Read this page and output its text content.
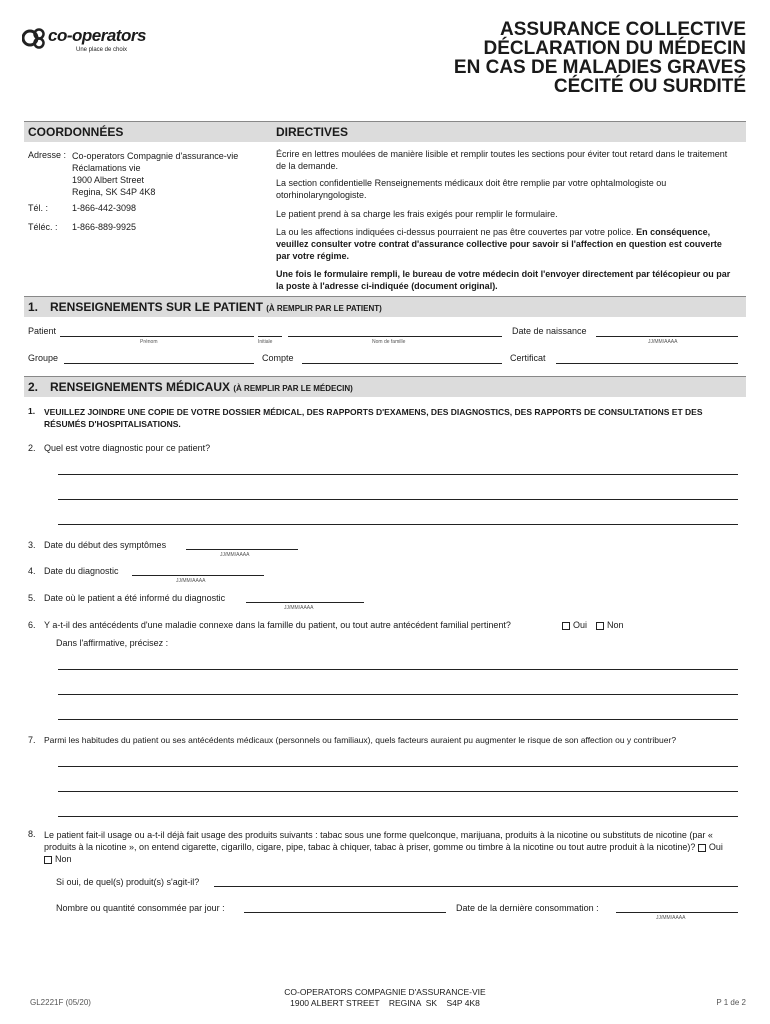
co-operators
Une place de choix
ASSURANCE COLLECTIVE
DÉCLARATION DU MÉDECIN
EN CAS DE MALADIES GRAVES
CÉCITÉ OU SURDITÉ
COORDONNÉES	DIRECTIVES
Adresse : Co-operators Compagnie d'assurance-vie
Réclamations vie
1900 Albert Street
Regina, SK S4P 4K8
Tél. :	1-866-442-3098
Téléc. : 1-866-889-9925
Écrire en lettres moulées de manière lisible et remplir toutes les sections pour éviter tout retard dans le traitement de la demande.
La section confidentielle Renseignements médicaux doit être remplie par votre ophtalmologiste ou otorhinolaryngologiste.
Le patient prend à sa charge les frais exigés pour remplir le formulaire.
La ou les affections indiquées ci-dessus pourraient ne pas être couvertes par votre police. En conséquence, veuillez consulter votre contrat d'assurance collective pour savoir si l'affection en question est couverte par votre régime.
Une fois le formulaire rempli, le bureau de votre médecin doit l'envoyer directement par télécopieur ou par la poste à l'adresse ci-indiquée (document original).
1. RENSEIGNEMENTS SUR LE PATIENT (À REMPLIR PAR LE PATIENT)
Patient
Prénom	Initiale	Nom de famille
Date de naissance
JJ/MM/AAAA
Groupe	Compte	Certificat
2. RENSEIGNEMENTS MÉDICAUX (À REMPLIR PAR LE MÉDECIN)
1. VEUILLEZ JOINDRE UNE COPIE DE VOTRE DOSSIER MÉDICAL, DES RAPPORTS D'EXAMENS, DES DIAGNOSTICS, DES RAPPORTS DE CONSULTATIONS ET DES RÉSUMÉS D'HOSPITALISATIONS.
2. Quel est votre diagnostic pour ce patient?
3. Date du début des symptômes
JJ/MM/AAAA
4. Date du diagnostic
JJ/MM/AAAA
5. Date où le patient a été informé du diagnostic
JJ/MM/AAAA
6. Y a-t-il des antécédents d'une maladie connexe dans la famille du patient, ou tout autre antécédent familial pertinent?	Oui	Non
Dans l'affirmative, précisez :
7. Parmi les habitudes du patient ou ses antécédents médicaux (personnels ou familiaux), quels facteurs auraient pu augmenter le risque de son affection ou y contribuer?
8. Le patient fait-il usage ou a-t-il déjà fait usage des produits suivants : tabac sous une forme quelconque, marijuana, produits à la nicotine ou substituts de nicotine (par « produits à la nicotine », on entend cigarette, cigarillo, cigare, pipe, tabac à chiquer, tabac à priser, gomme ou timbre à la nicotine ou tout autre produit à la nicotine)? Oui  Non
Si oui, de quel(s) produit(s) s'agit-il?
Nombre ou quantité consommée par jour :	Date de la dernière consommation :
JJ/MM/AAAA
GL2221F (05/20)
CO-OPERATORS COMPAGNIE D'ASSURANCE-VIE
1900 ALBERT STREET    REGINA  SK    S4P 4K8	P 1 de 2
